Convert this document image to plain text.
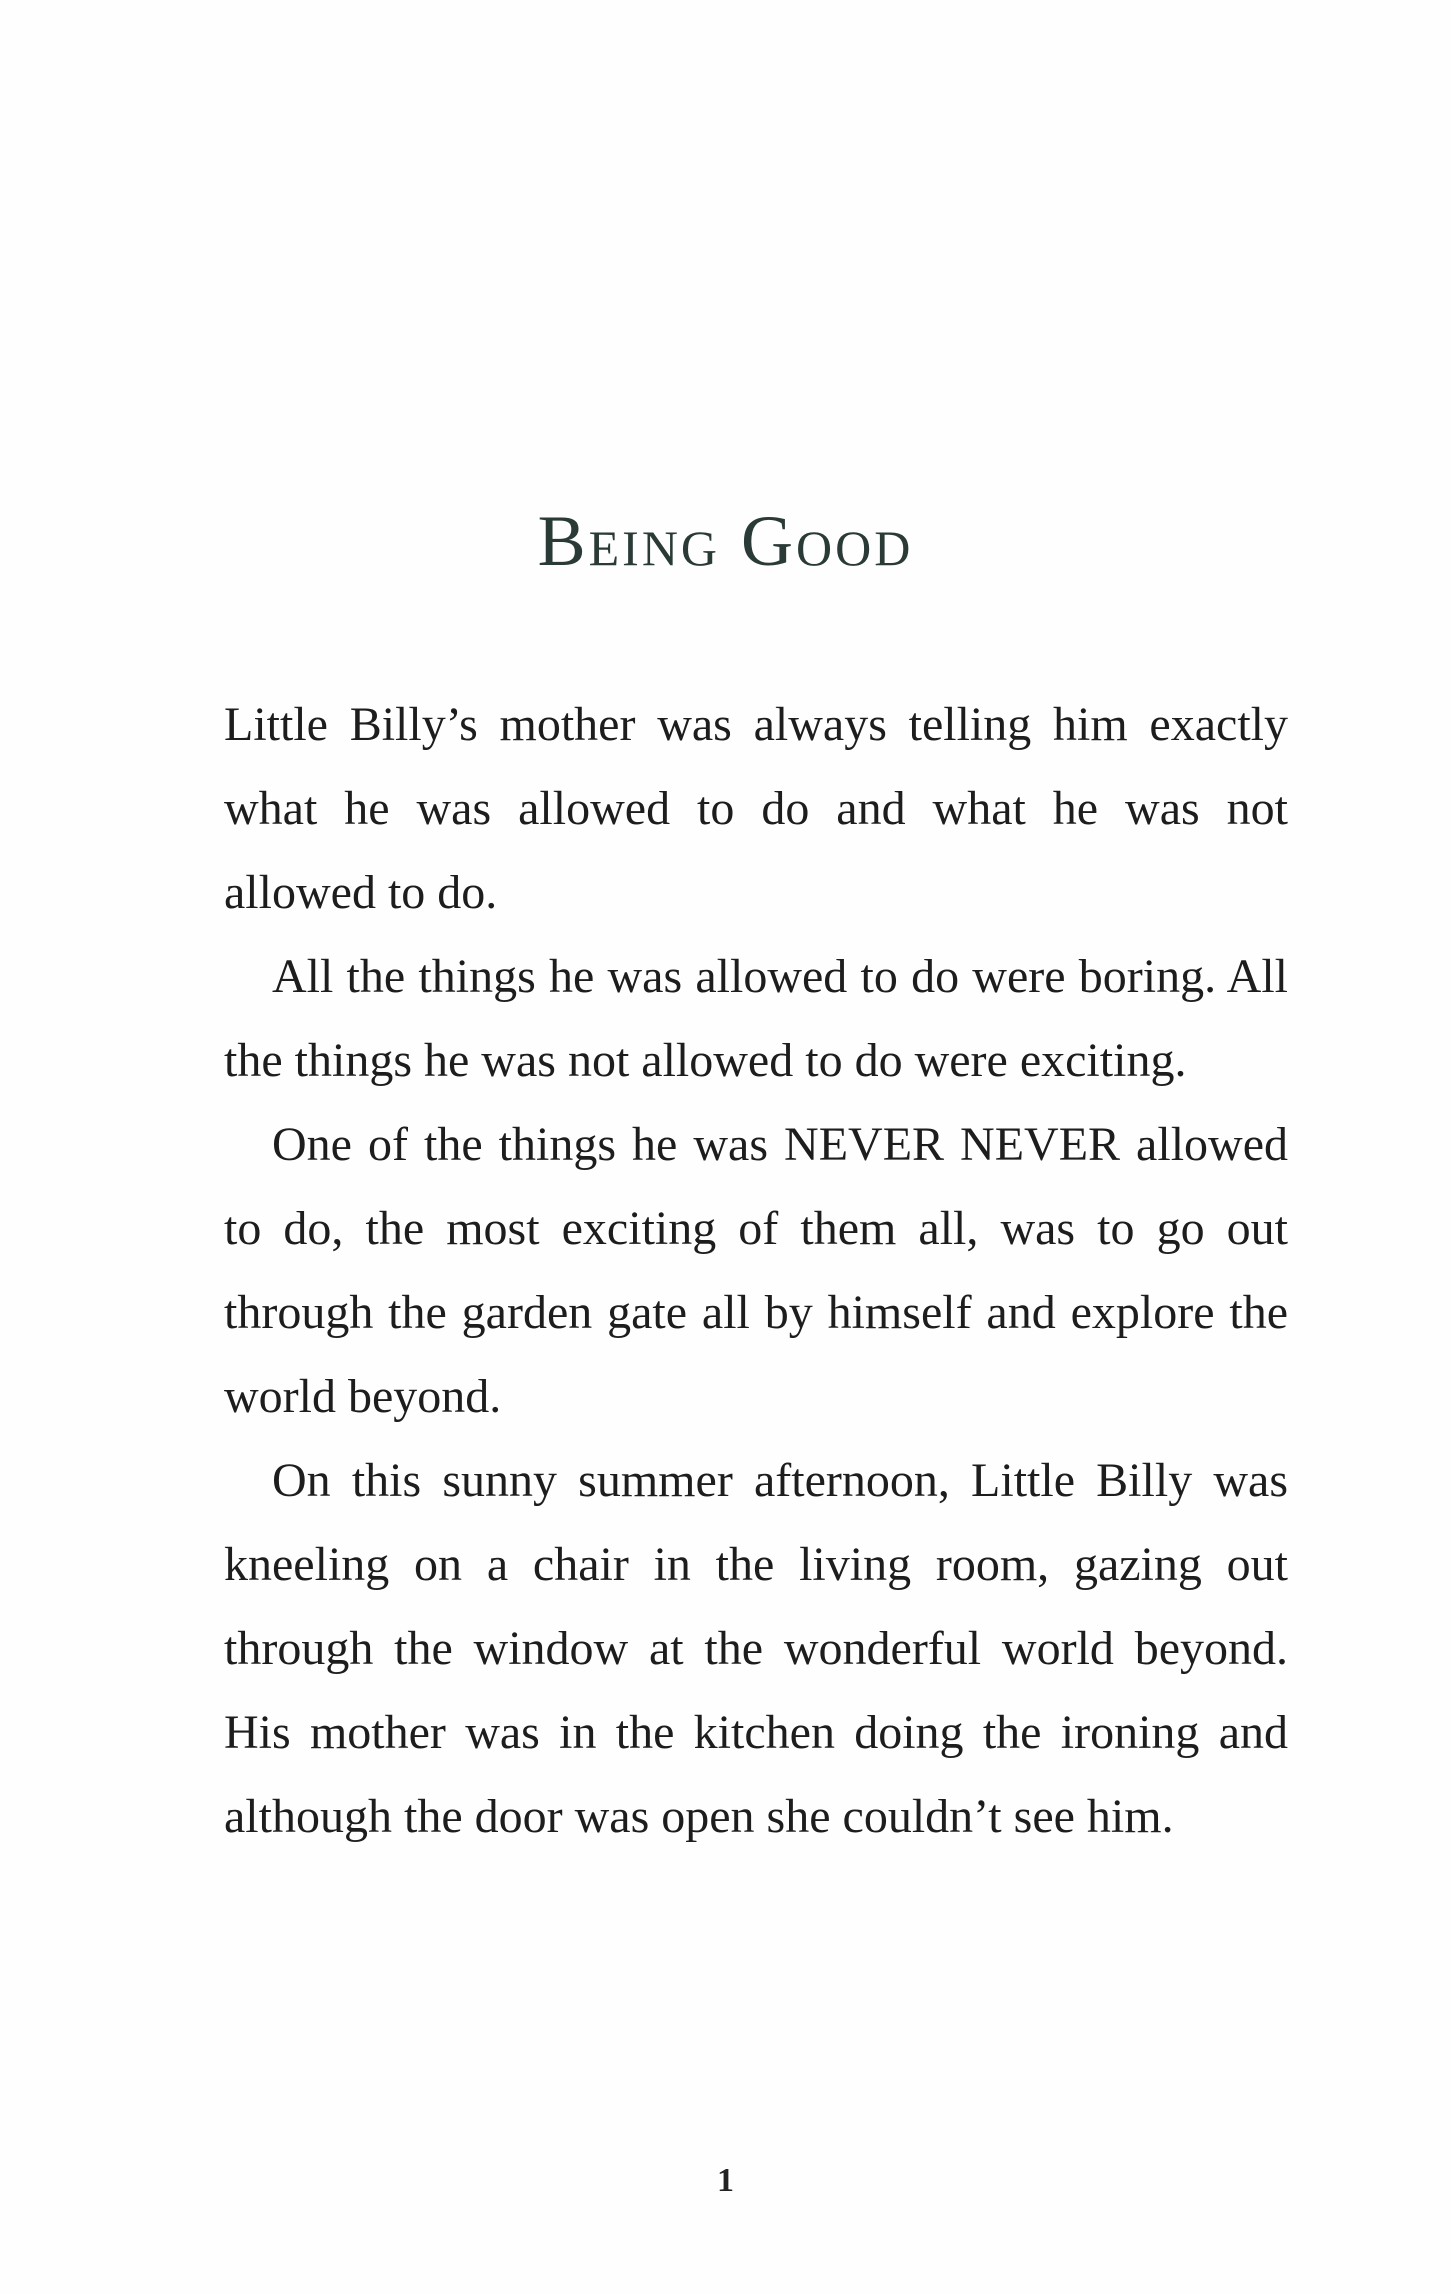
Being Good

Little Billy’s mother was always telling him exactly what he was allowed to do and what he was not allowed to do.

All the things he was allowed to do were boring. All the things he was not allowed to do were exciting.

One of the things he was NEVER NEVER allowed to do, the most exciting of them all, was to go out through the garden gate all by himself and explore the world beyond.

On this sunny summer afternoon, Little Billy was kneeling on a chair in the living room, gazing out through the window at the wonderful world beyond. His mother was in the kitchen doing the ironing and although the door was open she couldn’t see him.

1
